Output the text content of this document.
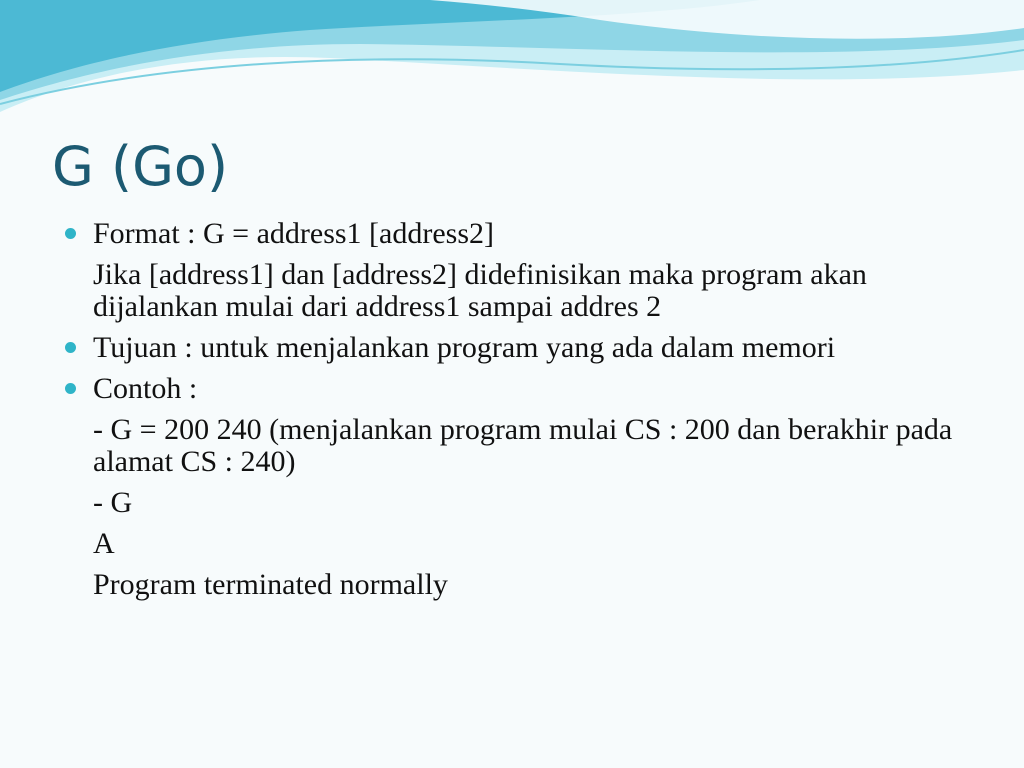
G (Go)
Format : G = address1 [address2]
Jika [address1] dan [address2] didefinisikan maka program akan dijalankan mulai dari address1 sampai addres 2
Tujuan : untuk menjalankan program yang ada dalam memori
Contoh :
- G = 200 240 (menjalankan program mulai CS : 200 dan berakhir pada alamat CS : 240)
- G
A
Program terminated normally
